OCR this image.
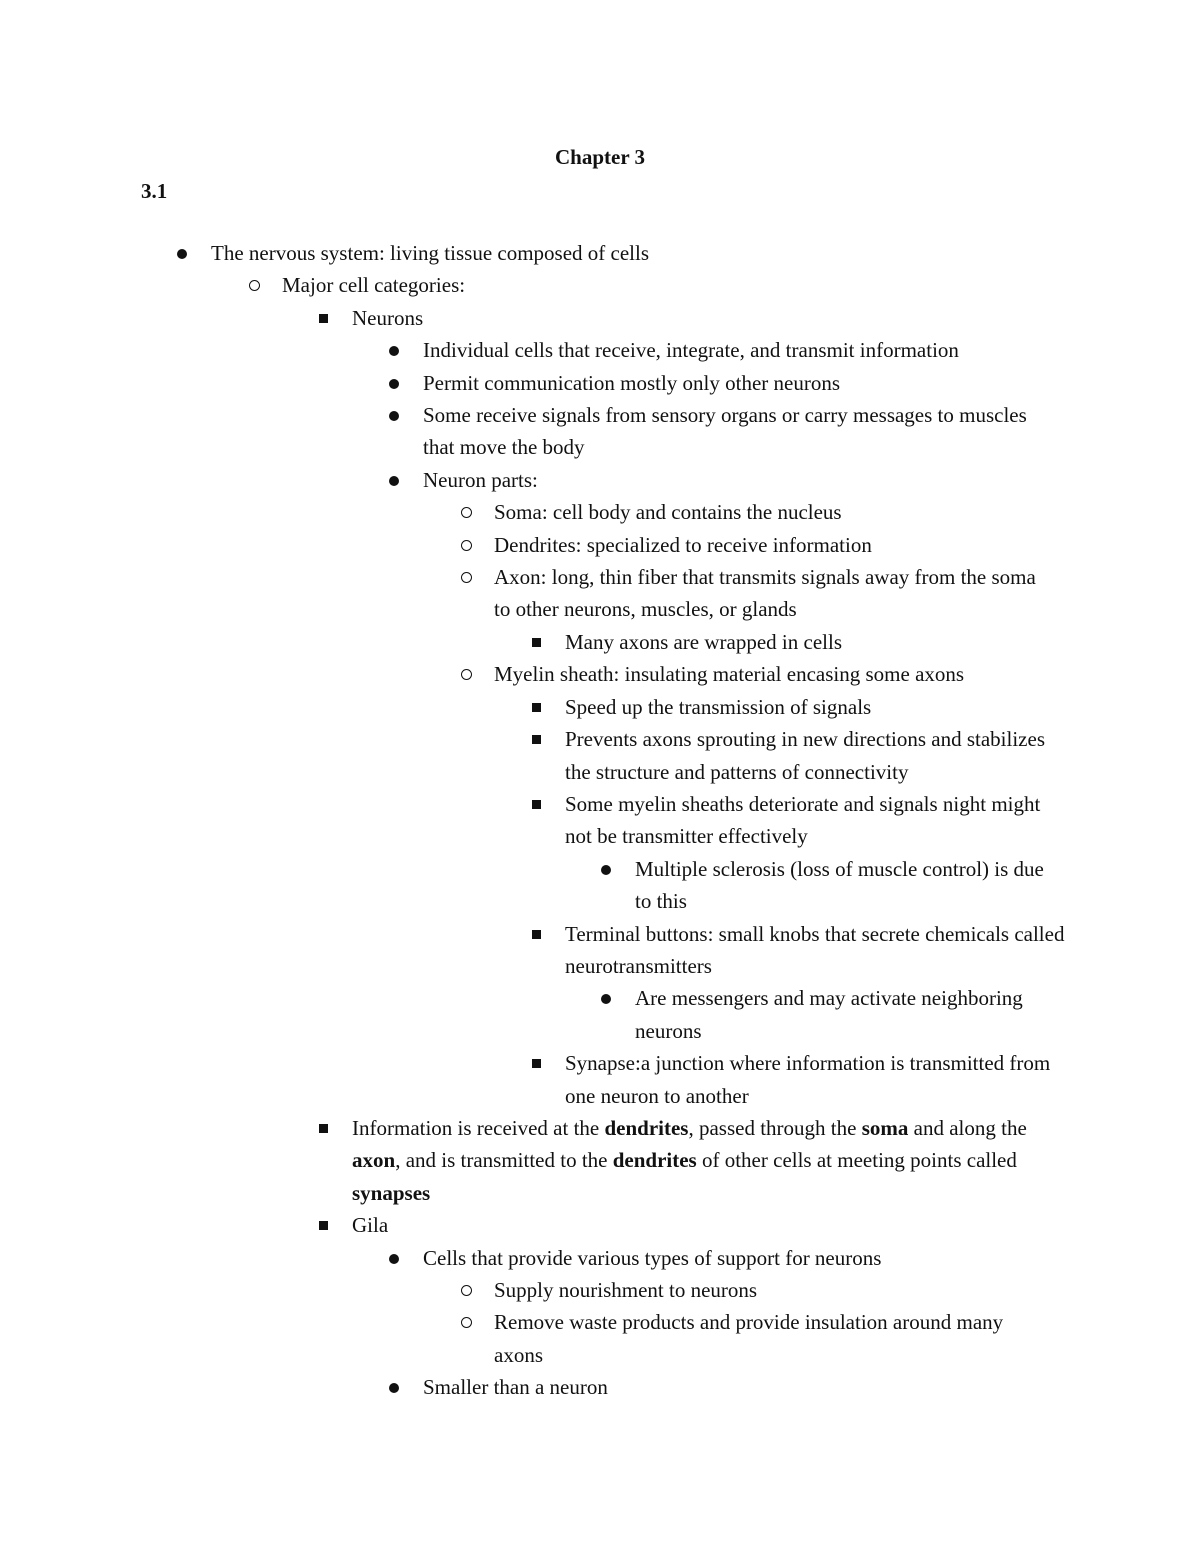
Chapter 3
3.1
The nervous system: living tissue composed of cells
Major cell categories:
Neurons
Individual cells that receive, integrate, and transmit information
Permit communication mostly only other neurons
Some receive signals from sensory organs or carry messages to muscles that move the body
Neuron parts:
Soma: cell body and contains the nucleus
Dendrites: specialized to receive information
Axon: long, thin fiber that transmits signals away from the soma to other neurons, muscles, or glands
Many axons are wrapped in cells
Myelin sheath: insulating material encasing some axons
Speed up the transmission of signals
Prevents axons sprouting in new directions and stabilizes the structure and patterns of connectivity
Some myelin sheaths deteriorate and signals night might not be transmitter effectively
Multiple sclerosis (loss of muscle control) is due to this
Terminal buttons: small knobs that secrete chemicals called neurotransmitters
Are messengers and may activate neighboring neurons
Synapse:a junction where information is transmitted from one neuron to another
Information is received at the dendrites, passed through the soma and along the axon, and is transmitted to the dendrites of other cells at meeting points called synapses
Gila
Cells that provide various types of support for neurons
Supply nourishment to neurons
Remove waste products and provide insulation around many axons
Smaller than a neuron
